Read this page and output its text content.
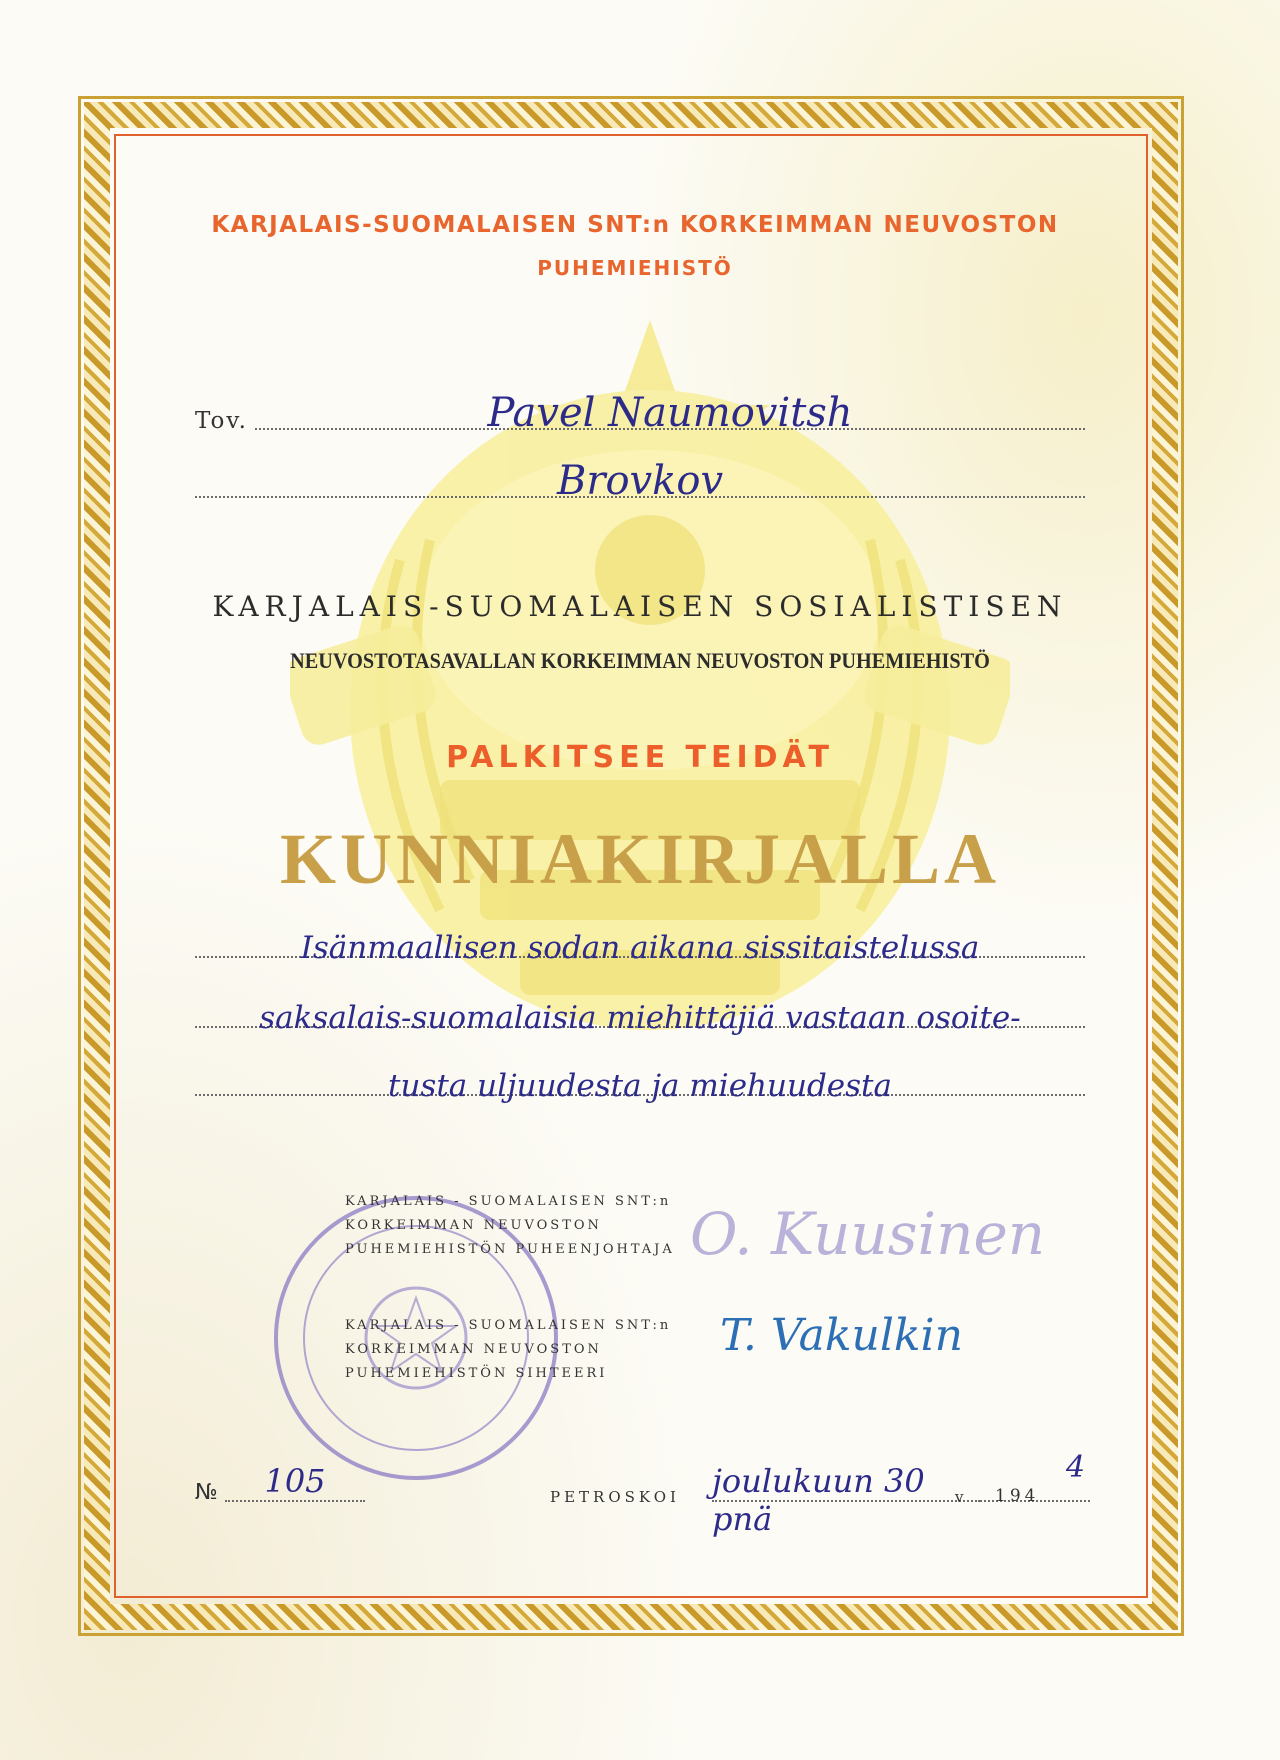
KARJALAIS-SUOMALAISEN SNT:n KORKEIMMAN NEUVOSTON
PUHEMIEHISTÖ
Tov.	Pavel Naumovitsh
Brovkov
KARJALAIS-SUOMALAISEN SOSIALISTISEN
NEUVOSTOTASAVALLAN KORKEIMMAN NEUVOSTON PUHEMIEHISTÖ
PALKITSEE TEIDÄT
KUNNIAKIRJALLA
Isänmaallisen sodan aikana sissitaistelussa
saksalais-suomalaisia miehittäjiä vastaan osoite-
tusta uljuudesta ja miehuudesta
KARJALAIS - SUOMALAISEN SNT:n
KORKEIMMAN NEUVOSTON
PUHEMIEHISTÖN PUHEENJOHTAJA
KARJALAIS - SUOMALAISEN SNT:n
KORKEIMMAN NEUVOSTON
PUHEMIEHISTÖN SIHTEERI
O. Kuusinen
T. Vakulkin
№	105	PETROSKOI joulukuun 30 pnä
v 194
4
